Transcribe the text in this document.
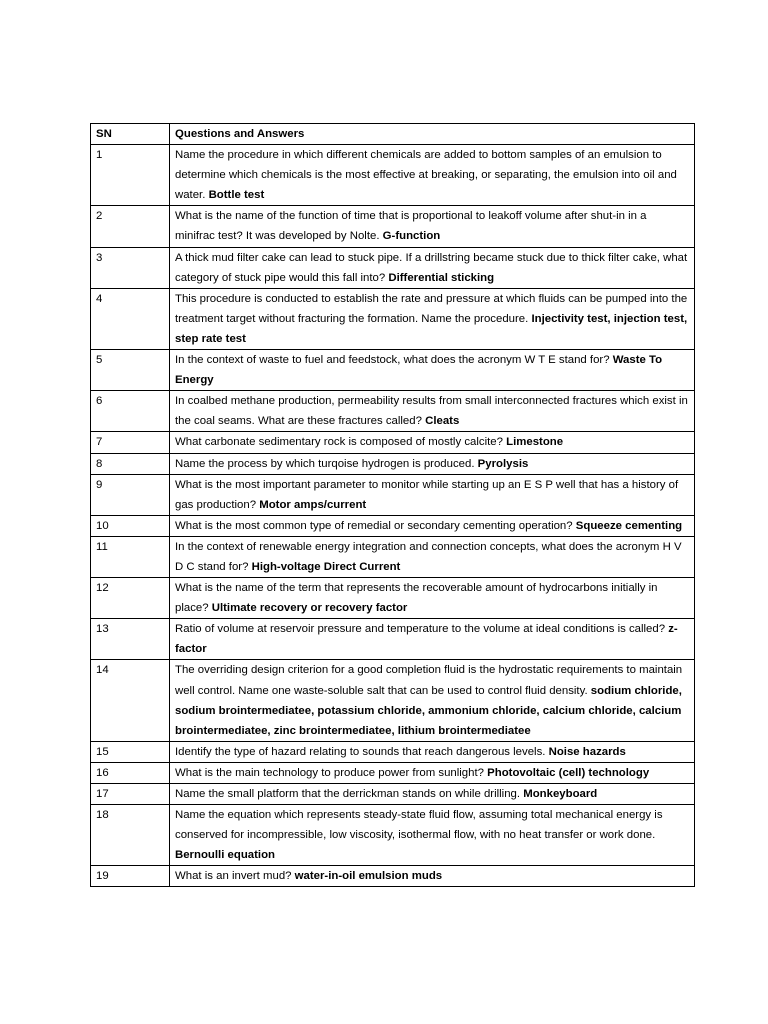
SN	Questions and Answers
1	Name the procedure in which different chemicals are added to bottom samples of an emulsion to determine which chemicals is the most effective at breaking, or separating, the emulsion into oil and water. Bottle test
2	What is the name of the function of time that is proportional to leakoff volume after shut-in in a minifrac test? It was developed by Nolte. G-function
3	A thick mud filter cake can lead to stuck pipe. If a drillstring became stuck due to thick filter cake, what category of stuck pipe would this fall into? Differential sticking
4	This procedure is conducted to establish the rate and pressure at which fluids can be pumped into the treatment target without fracturing the formation. Name the procedure. Injectivity test, injection test, step rate test
5	In the context of waste to fuel and feedstock, what does the acronym W T E stand for? Waste To Energy
6	In coalbed methane production, permeability results from small interconnected fractures which exist in the coal seams. What are these fractures called? Cleats
7	What carbonate sedimentary rock is composed of mostly calcite? Limestone
8	Name the process by which turqoise hydrogen is produced. Pyrolysis
9	What is the most important parameter to monitor while starting up an E S P well that has a history of gas production? Motor amps/current
10	What is the most common type of remedial or secondary cementing operation? Squeeze cementing
11	In the context of renewable energy integration and connection concepts, what does the acronym H V D C stand for? High-voltage Direct Current
12	What is the name of the term that represents the recoverable amount of hydrocarbons initially in place? Ultimate recovery or recovery factor
13	Ratio of volume at reservoir pressure and temperature to the volume at ideal conditions is called? z-factor
14	The overriding design criterion for a good completion fluid is the hydrostatic requirements to maintain well control. Name one waste-soluble salt that can be used to control fluid density. sodium chloride, sodium brointermediatee, potassium chloride, ammonium chloride, calcium chloride, calcium brointermediatee, zinc brointermediatee, lithium brointermediatee
15	Identify the type of hazard relating to sounds that reach dangerous levels. Noise hazards
16	What is the main technology to produce power from sunlight? Photovoltaic (cell) technology
17	Name the small platform that the derrickman stands on while drilling. Monkeyboard
18	Name the equation which represents steady-state fluid flow, assuming total mechanical energy is conserved for incompressible, low viscosity, isothermal flow, with no heat transfer or work done. Bernoulli equation
19	What is an invert mud? water-in-oil emulsion muds
